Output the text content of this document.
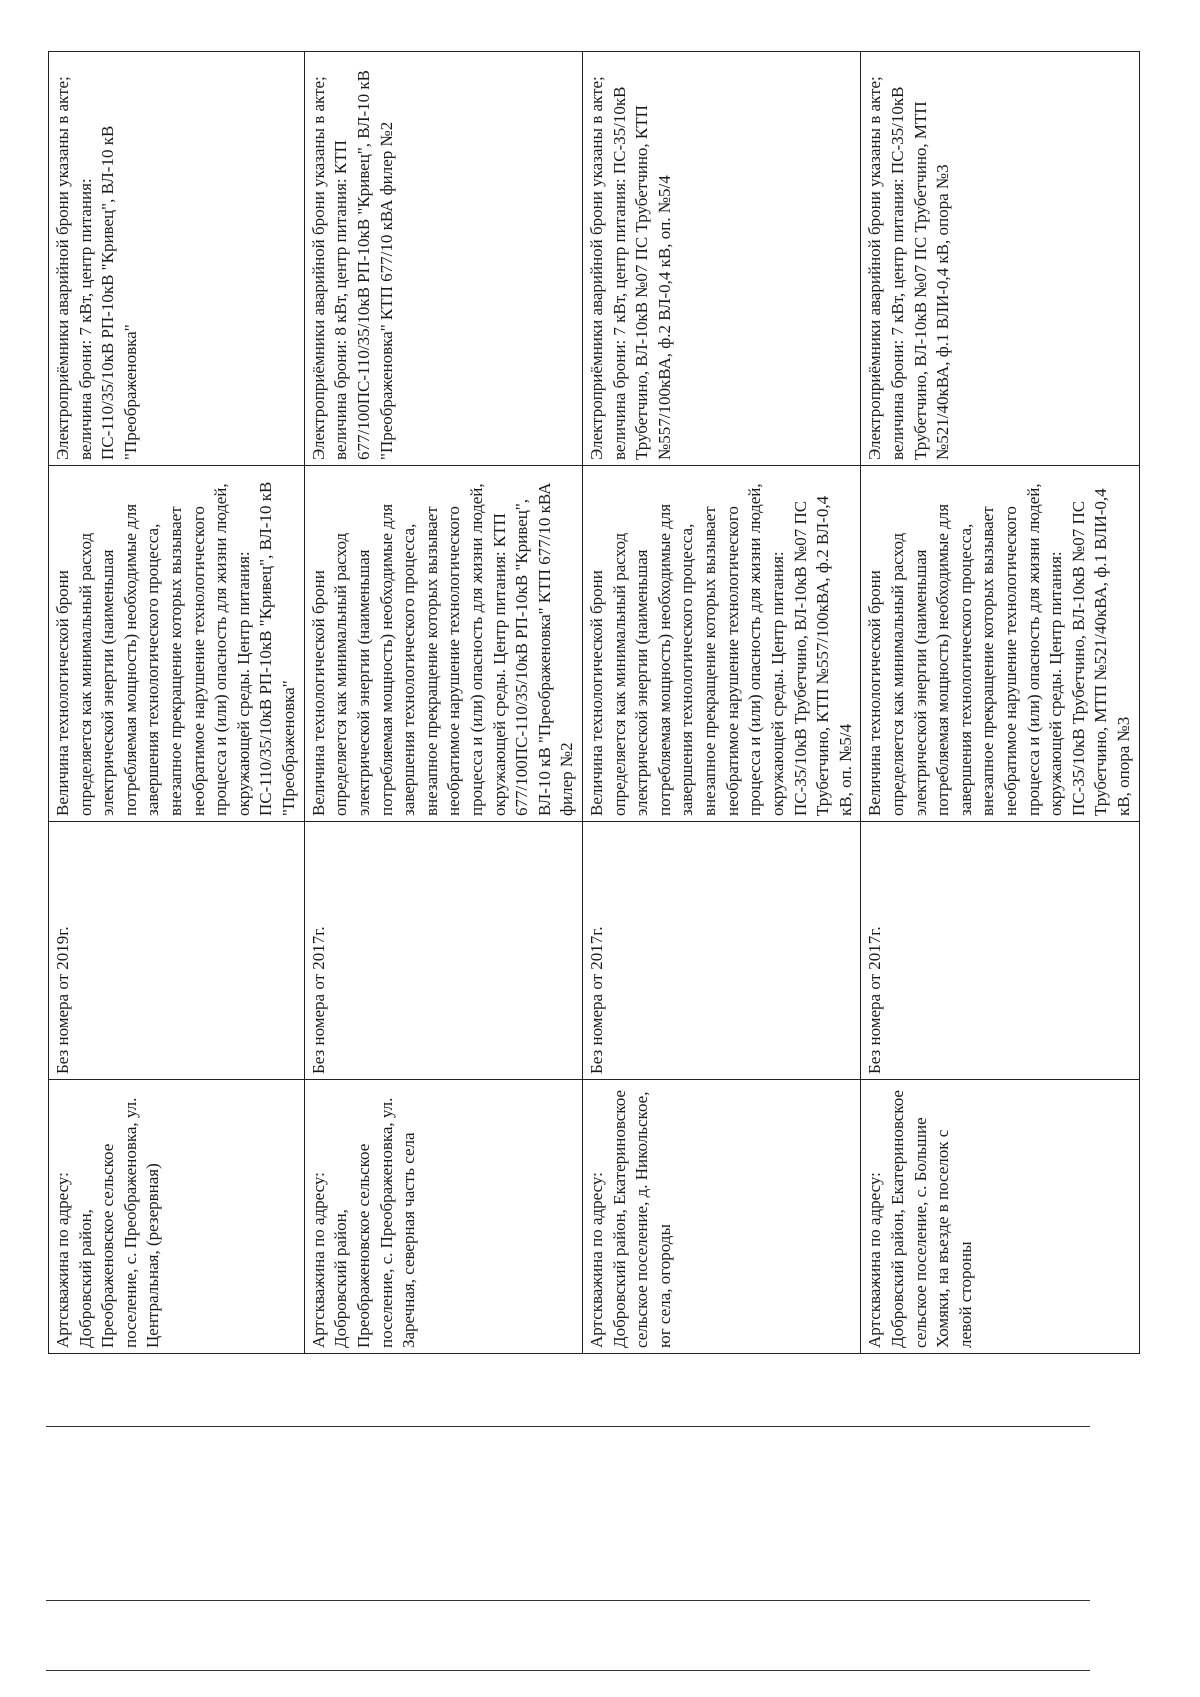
Артскважина по адресу: Добровский район, Преображеновское сельское поселение, с. Преображеновка, ул. Центральная, (резервная)	Без номера от 2019г.	Величина технологической брони определяется как минимальный расход электрической энергии (наименьшая потребляемая мощность) необходимые для завершения технологического процесса, внезапное прекращение которых вызывает необратимое нарушение технологического процесса и (или) опасность для жизни людей, окружающей среды. Центр питания: ПС-110/35/10кВ РП-10кВ "Кривец", ВЛ-10 кВ "Преображеновка"	Электроприёмники аварийной брони указаны в акте; величина брони: 7 кВт, центр питания: ПС-110/35/10кВ РП-10кВ "Кривец", ВЛ-10 кВ "Преображеновка"
Артскважина по адресу: Добровский район, Преображеновское сельское поселение, с. Преображеновка, ул. Заречная, северная часть села	Без номера от 2017г.	Величина технологической брони определяется как минимальный расход электрической энергии (наименьшая потребляемая мощность) необходимые для завершения технологического процесса, внезапное прекращение которых вызывает необратимое нарушение технологического процесса и (или) опасность для жизни людей, окружающей среды. Центр питания: КТП 677/100ПС-110/35/10кВ РП-10кВ "Кривец", ВЛ-10 кВ "Преображеновка" КТП 677/10 кВА филер №2	Электроприёмники аварийной брони указаны в акте; величина брони: 8 кВт, центр питания: КТП 677/100ПС-110/35/10кВ РП-10кВ "Кривец", ВЛ-10 кВ "Преображеновка" КТП 677/10 кВА филер №2
Артскважина по адресу: Добровский район, Екатериновское сельское поселение, д. Никольское, юг села, огороды	Без номера от 2017г.	Величина технологической брони определяется как минимальный расход электрической энергии (наименьшая потребляемая мощность) необходимые для завершения технологического процесса, внезапное прекращение которых вызывает необратимое нарушение технологического процесса и (или) опасность для жизни людей, окружающей среды. Центр питания: ПС-35/10кВ Трубетчино, ВЛ-10кВ №07 ПС Трубетчино, КТП №557/100кВА, ф.2 ВЛ-0,4 кВ, оп. №5/4	Электроприёмники аварийной брони указаны в акте; величина брони: 7 кВт, центр питания: ПС-35/10кВ Трубетчино, ВЛ-10кВ №07 ПС Трубетчино, КТП №557/100кВА, ф.2 ВЛ-0,4 кВ, оп. №5/4
Артскважина по адресу: Добровский район, Екатериновское сельское поселение, с. Большие Хомяки, на въезде в поселок с левой стороны	Без номера от 2017г.	Величина технологической брони определяется как минимальный расход электрической энергии (наименьшая потребляемая мощность) необходимые для завершения технологического процесса, внезапное прекращение которых вызывает необратимое нарушение технологического процесса и (или) опасность для жизни людей, окружающей среды. Центр питания: ПС-35/10кВ Трубетчино, ВЛ-10кВ №07 ПС Трубетчино, МТП №521/40кВА, ф.1 ВЛИ-0,4 кВ, опора №3	Электроприёмники аварийной брони указаны в акте; величина брони: 7 кВт, центр питания: ПС-35/10кВ Трубетчино, ВЛ-10кВ №07 ПС Трубетчино, МТП №521/40кВА, ф.1 ВЛИ-0,4 кВ, опора №3
